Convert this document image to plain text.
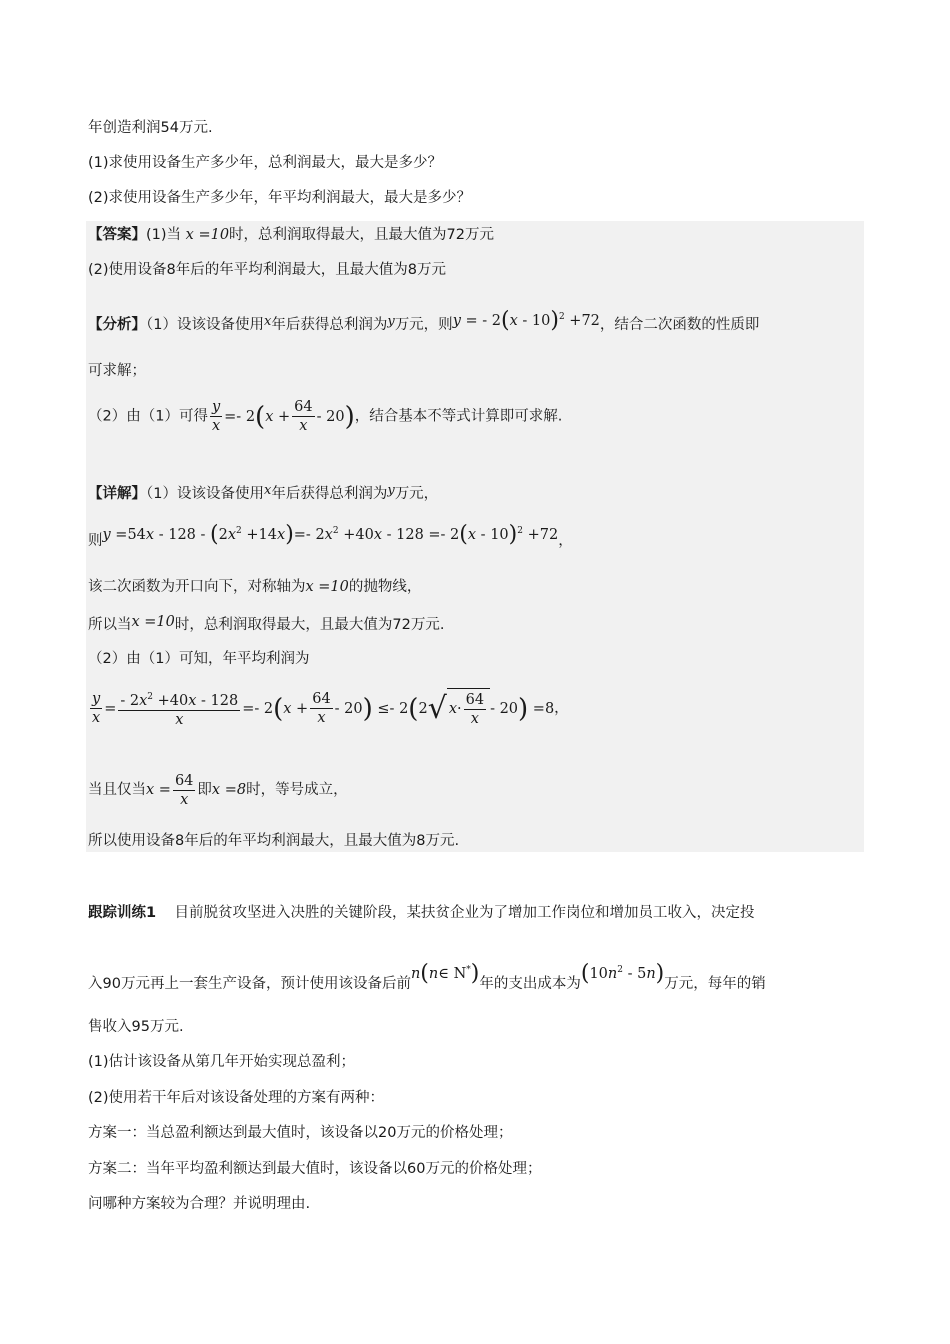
年创造利润54万元.
(1)求使用设备生产多少年，总利润最大，最大是多少？
(2)求使用设备生产多少年，年平均利润最大，最大是多少？
【答案】(1)当 x =10时，总利润取得最大，且最大值为72万元
(2)使用设备8年后的年平均利润最大，且最大值为8万元
【分析】（1）设该设备使用x年后获得总利润为y万元，则y = - 2(x - 10)$^2$ +72，结合二次函数的性质即
可求解；
（2）由（1）可得 $\frac{y}{x} =- 2(x + \frac{64}{x} - 20)$，结合基本不等式计算即可求解.
【详解】（1）设该设备使用x年后获得总利润为y万元，
则$y =54x - 128 - (2x^2 +14x)=-$ $2x^2 +40x - 128 =- 2(x - 10)^2 +72$，
该二次函数为开口向下，对称轴为x =10的抛物线，
所以当x =10时，总利润取得最大，且最大值为72万元.
（2）由（1）可知，年平均利润为
$\frac{y}{x} = \frac{- 2x^2 +40x - 128}{x} =- 2(x + \frac{64}{x} - 20) \le- 2(2$ √ $x \cdot \frac{64}{x} - 20) =8$，
当且仅当$x = \frac{64}{x}$ 即x =8时，等号成立，
所以使用设备8年后的年平均利润最大，且最大值为8万元.
跟踪训练1 目前脱贫攻坚进入决胜的关键阶段，某扶贫企业为了增加工作岗位和增加员工收入，决定投
入90万元再上一套生产设备，预计使用该设备后前n(n∈ N*)年的支出成本为$(10n^2 - 5n)$万元，每年的销
售收入95万元.
(1)估计该设备从第几年开始实现总盈利；
(2)使用若干年后对该设备处理的方案有两种：
方案一：当总盈利额达到最大值时，该设备以20万元的价格处理；
方案二：当年平均盈利额达到最大值时，该设备以60万元的价格处理；
问哪种方案较为合理？并说明理由.
